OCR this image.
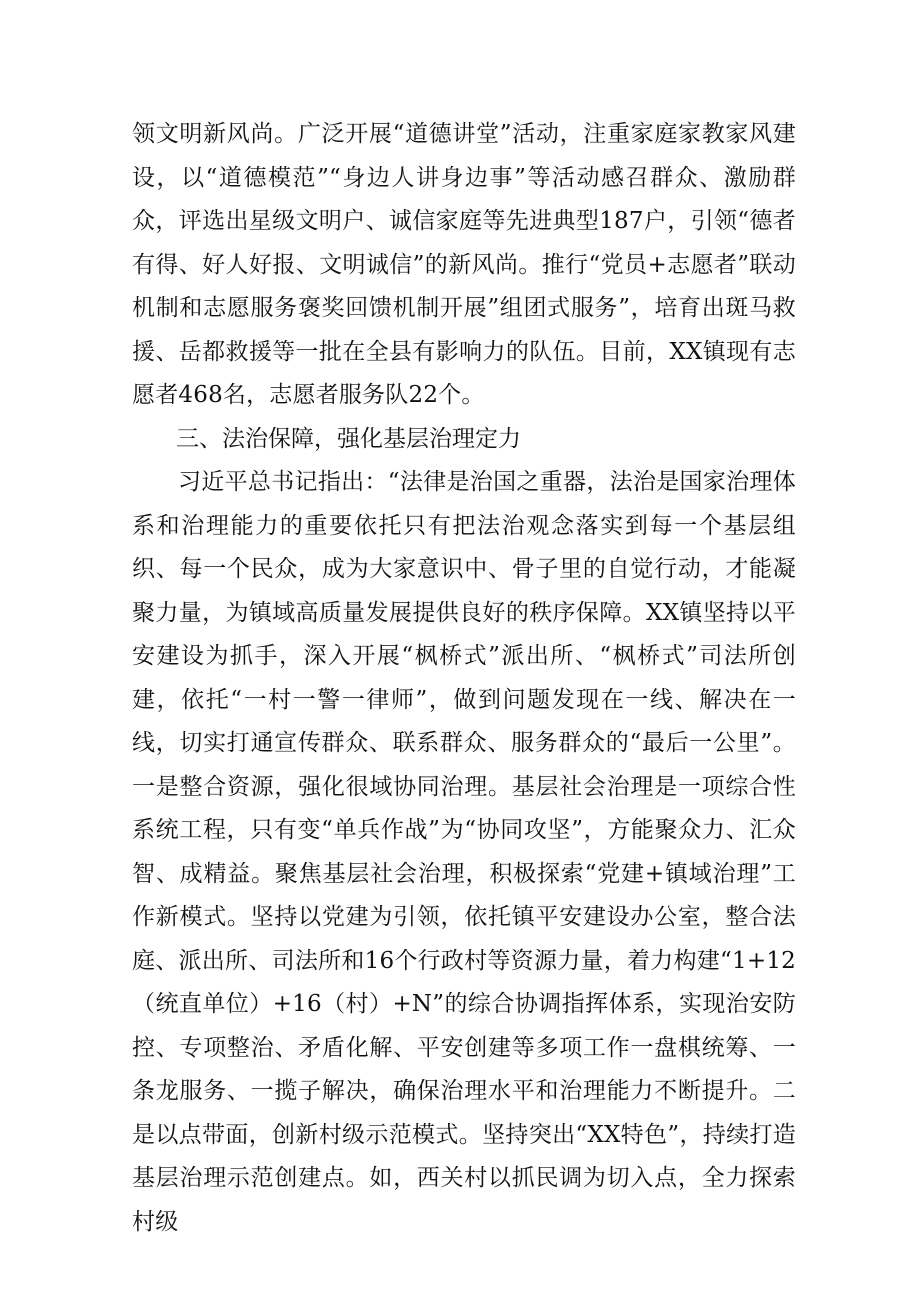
领文明新风尚。广泛开展“道德讲堂”活动，注重家庭家教家风建设，以“道德模范”“身边人讲身边事”等活动感召群众、激励群众，评选出星级文明户、诚信家庭等先进典型187户，引领“德者有得、好人好报、文明诚信”的新风尚。推行“党员+志愿者”联动机制和志愿服务褒奖回馈机制开展”组团式服务”，培育出斑马救援、岳都救援等一批在全县有影响力的队伍。目前，XX镇现有志愿者468名，志愿者服务队22个。
三、法治保障，强化基层治理定力
习近平总书记指出：“法律是治国之重器，法治是国家治理体系和治理能力的重要依托只有把法治观念落实到每一个基层组织、每一个民众，成为大家意识中、骨子里的自觉行动，才能凝聚力量，为镇域高质量发展提供良好的秩序保障。XX镇坚持以平安建设为抓手，深入开展“枫桥式”派出所、“枫桥式”司法所创建，依托“一村一警一律师”，做到问题发现在一线、解决在一线，切实打通宣传群众、联系群众、服务群众的“最后一公里”。一是整合资源，强化很域协同治理。基层社会治理是一项综合性系统工程，只有变“单兵作战”为“协同攻坚”，方能聚众力、汇众智、成精益。聚焦基层社会治理，积极探索“党建+镇域治理”工作新模式。坚持以党建为引领，依托镇平安建设办公室，整合法庭、派出所、司法所和16个行政村等资源力量，着力构建“1+12（统直单位）+16（村）+N”的综合协调指挥体系，实现治安防控、专项整治、矛盾化解、平安创建等多项工作一盘棋统筹、一条龙服务、一揽子解决，确保治理水平和治理能力不断提升。二是以点带面，创新村级示范模式。坚持突出“XX特色”，持续打造基层治理示范创建点。如，西关村以抓民调为切入点，全力探索村级
